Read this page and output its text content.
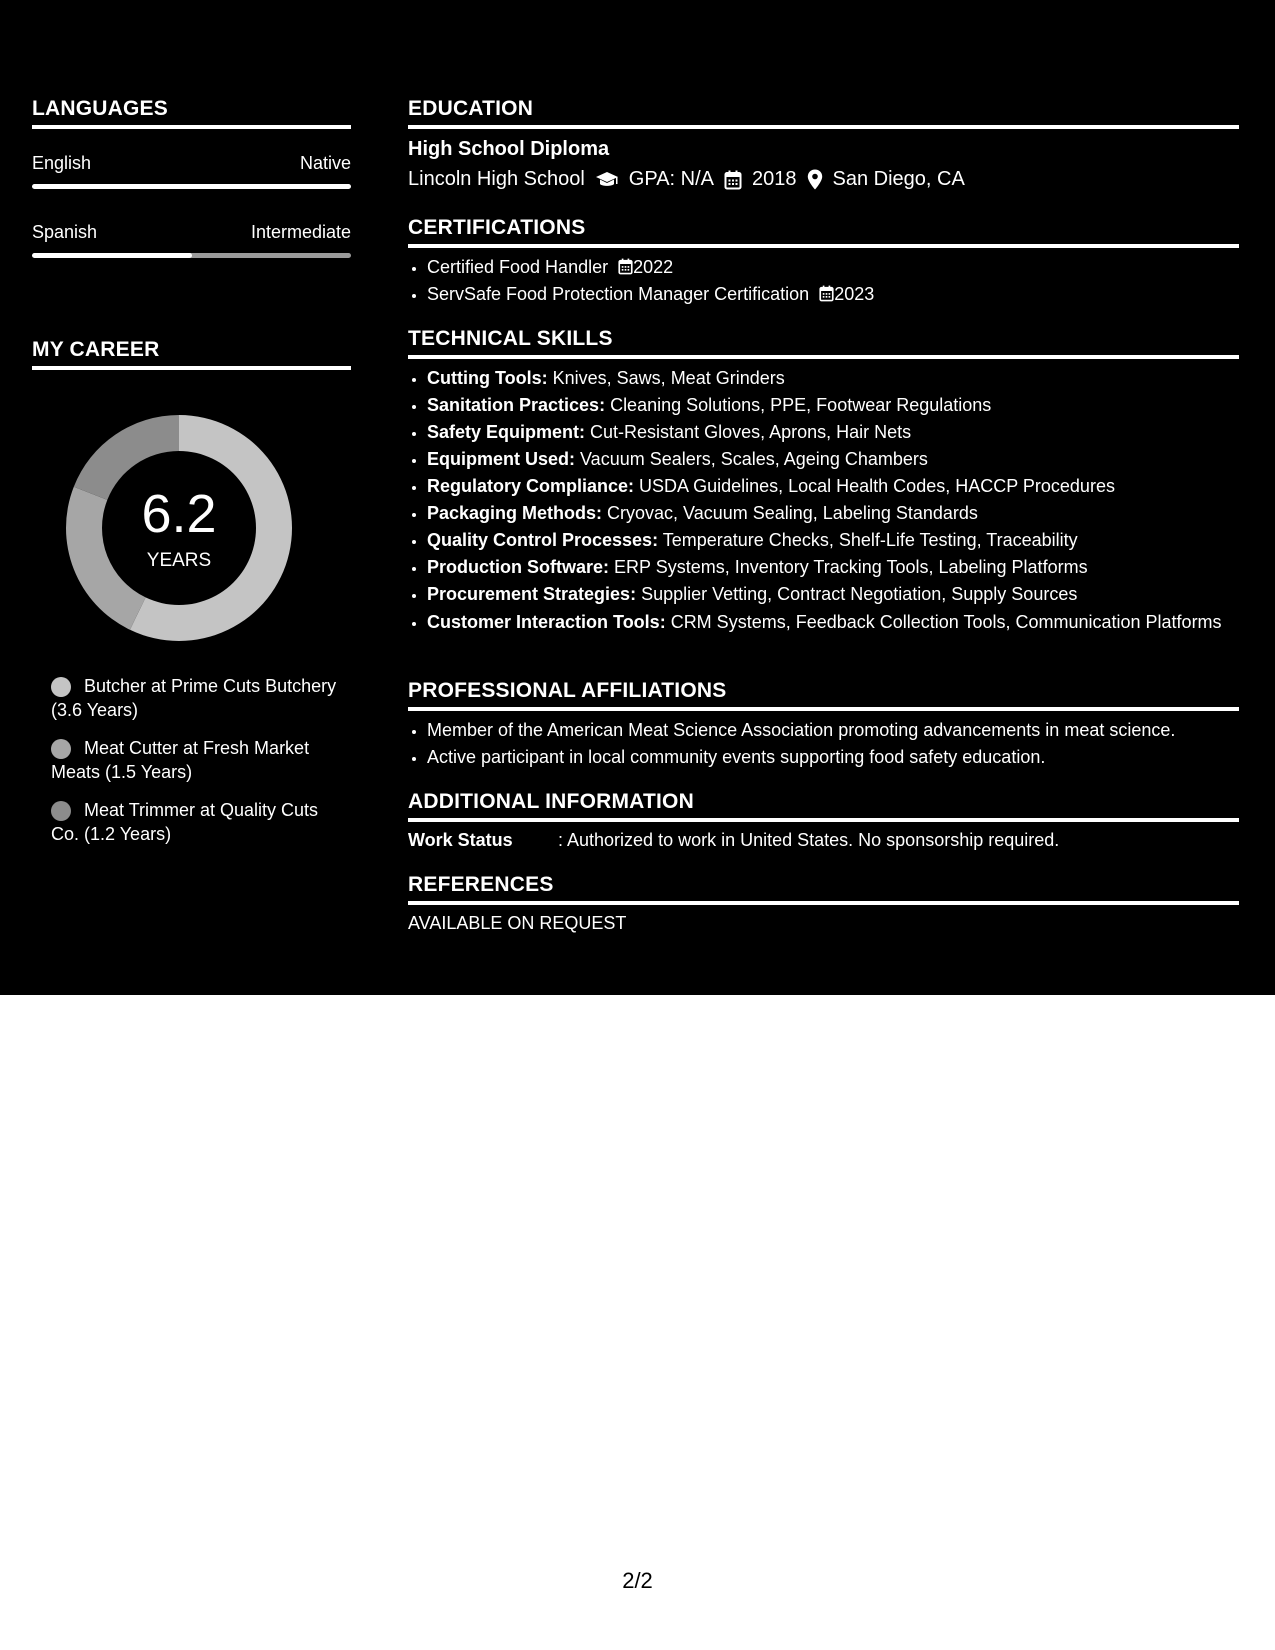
LANGUAGES
English	Native
Spanish	Intermediate
MY CAREER
6.2
YEARS
Butcher at Prime Cuts Butchery (3.6 Years)
Meat Cutter at Fresh Market Meats (1.5 Years)
Meat Trimmer at Quality Cuts Co. (1.2 Years)
EDUCATION
High School Diploma
Lincoln High School GPA: N/A 2018 San Diego, CA
CERTIFICATIONS
• Certified Food Handler 2022
• ServSafe Food Protection Manager Certification 2023
TECHNICAL SKILLS
• Cutting Tools: Knives, Saws, Meat Grinders
• Sanitation Practices: Cleaning Solutions, PPE, Footwear Regulations
• Safety Equipment: Cut-Resistant Gloves, Aprons, Hair Nets
• Equipment Used: Vacuum Sealers, Scales, Ageing Chambers
• Regulatory Compliance: USDA Guidelines, Local Health Codes, HACCP Procedures
• Packaging Methods: Cryovac, Vacuum Sealing, Labeling Standards
• Quality Control Processes: Temperature Checks, Shelf-Life Testing, Traceability
• Production Software: ERP Systems, Inventory Tracking Tools, Labeling Platforms
• Procurement Strategies: Supplier Vetting, Contract Negotiation, Supply Sources
• Customer Interaction Tools: CRM Systems, Feedback Collection Tools, Communication Platforms
PROFESSIONAL AFFILIATIONS
• Member of the American Meat Science Association promoting advancements in meat science.
• Active participant in local community events supporting food safety education.
ADDITIONAL INFORMATION
Work Status	: Authorized to work in United States. No sponsorship required.
REFERENCES
AVAILABLE ON REQUEST
2/2
